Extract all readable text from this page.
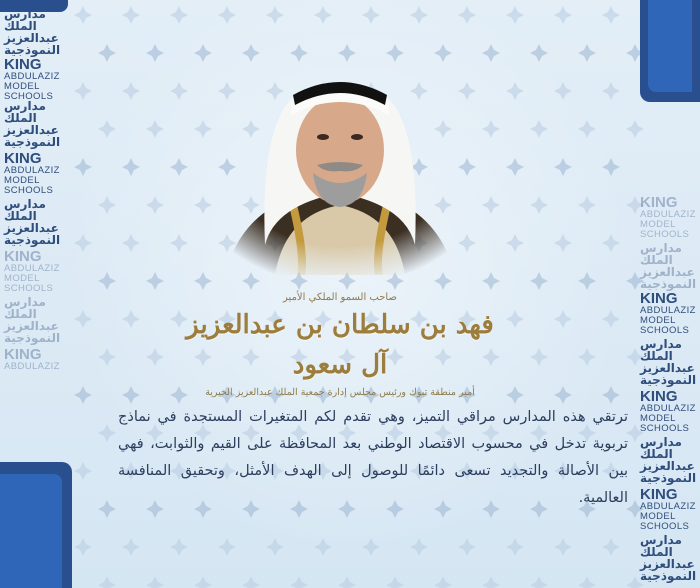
مدارس
الملك
عبدالعزيز
النموذجية
KING
ABDULAZIZ
MODEL
SCHOOLS
مدارس
الملك
عبدالعزيز
النموذجية
KING
ABDULAZIZ
MODEL
SCHOOLS
مدارس
الملك
عبدالعزيز
النموذجية
KING
ABDULAZIZ
MODEL
SCHOOLS
مدارس
الملك
عبدالعزيز
النموذجية
KING
ABDULAZIZ
KING
ABDULAZIZ
MODEL
SCHOOLS
مدارس
الملك
عبدالعزيز
النموذجية
KING
ABDULAZIZ
MODEL
SCHOOLS
مدارس
الملك
عبدالعزيز
النموذجية
KING
ABDULAZIZ
MODEL
SCHOOLS
مدارس
الملك
عبدالعزيز
النموذجية
KING
ABDULAZIZ
MODEL
SCHOOLS
مدارس
الملك
عبدالعزيز
النموذجية
صاحب السمو الملكي الأمير
فهد بن سلطان بن عبدالعزيز آل سعود
أمير منطقة تبوك ورئيس مجلس إدارة جمعية الملك عبدالعزيز الخيرية
ترتقي هذه المدارس مراقي التميز، وهي تقدم لكم المتغيرات المستجدة في نماذج تربوية تدخل في محسوب الاقتصاد الوطني بعد المحافظة على القيم والثوابت، فهي بين الأصالة والتجديد تسعى دائمًا للوصول إلى الهدف الأمثل، وتحقيق المنافسة العالمية.
